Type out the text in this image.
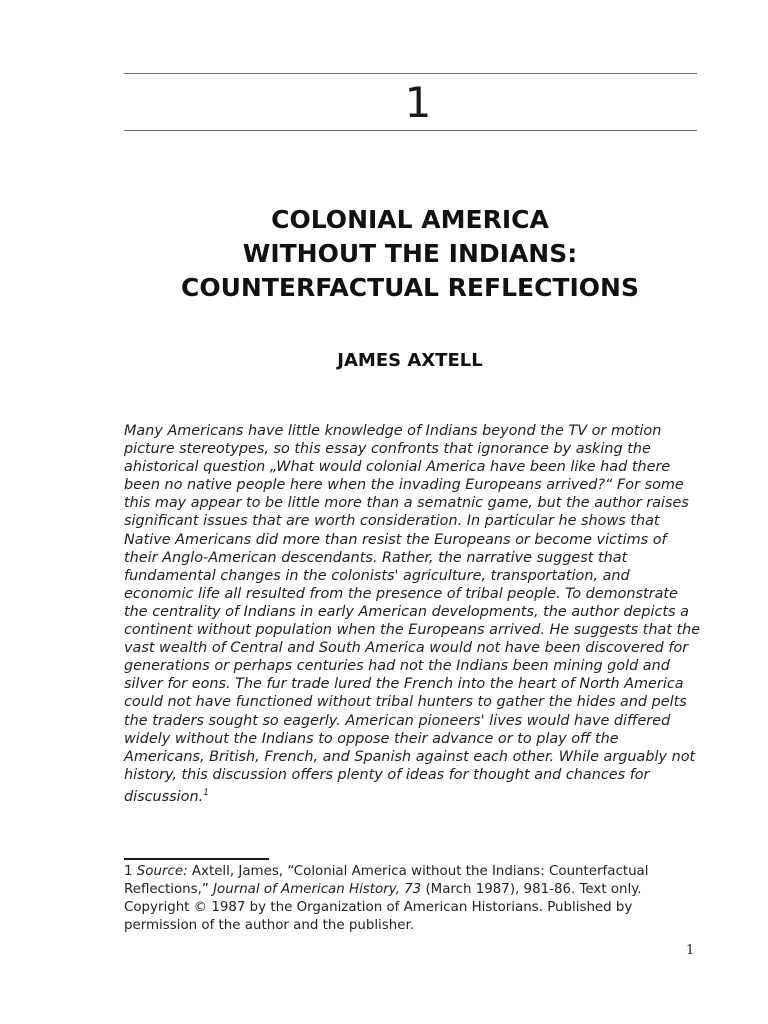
1
COLONIAL AMERICA
WITHOUT THE INDIANS:
COUNTERFACTUAL REFLECTIONS
JAMES AXTELL

Many Americans have little knowledge of Indians beyond the TV or motion picture stereotypes, so this essay confronts that ignorance by asking the ahistorical question „What would colonial America have been like had there been no native people here when the invading Europeans arrived?“ For some this may appear to be little more than a sematnic game, but the author raises significant issues that are worth consideration. In particular he shows that Native Americans did more than resist the Europeans or become victims of their Anglo-American descendants. Rather, the narrative suggest that fundamental changes in the colonists' agriculture, transportation, and economic life all resulted from the presence of tribal people. To demonstrate the centrality of Indians in early American developments, the author depicts a continent without population when the Europeans arrived. He suggests that the vast wealth of Central and South America would not have been discovered for generations or perhaps centuries had not the Indians been mining gold and silver for eons. The fur trade lured the French into the heart of North America could not have functioned without tribal hunters to gather the hides and pelts the traders sought so eagerly. American pioneers' lives would have differed widely without the Indians to oppose their advance or to play off the Americans, British, French, and Spanish against each other. While arguably not history, this discussion offers plenty of ideas for thought and chances for discussion.$^1$

1 Source: Axtell, James, “Colonial America without the Indians: Counterfactual Reflections,” Journal of American History, 73 (March 1987), 981-86. Text only. Copyright © 1987 by the Organization of American Historians. Published by permission of the author and the publisher.

1
